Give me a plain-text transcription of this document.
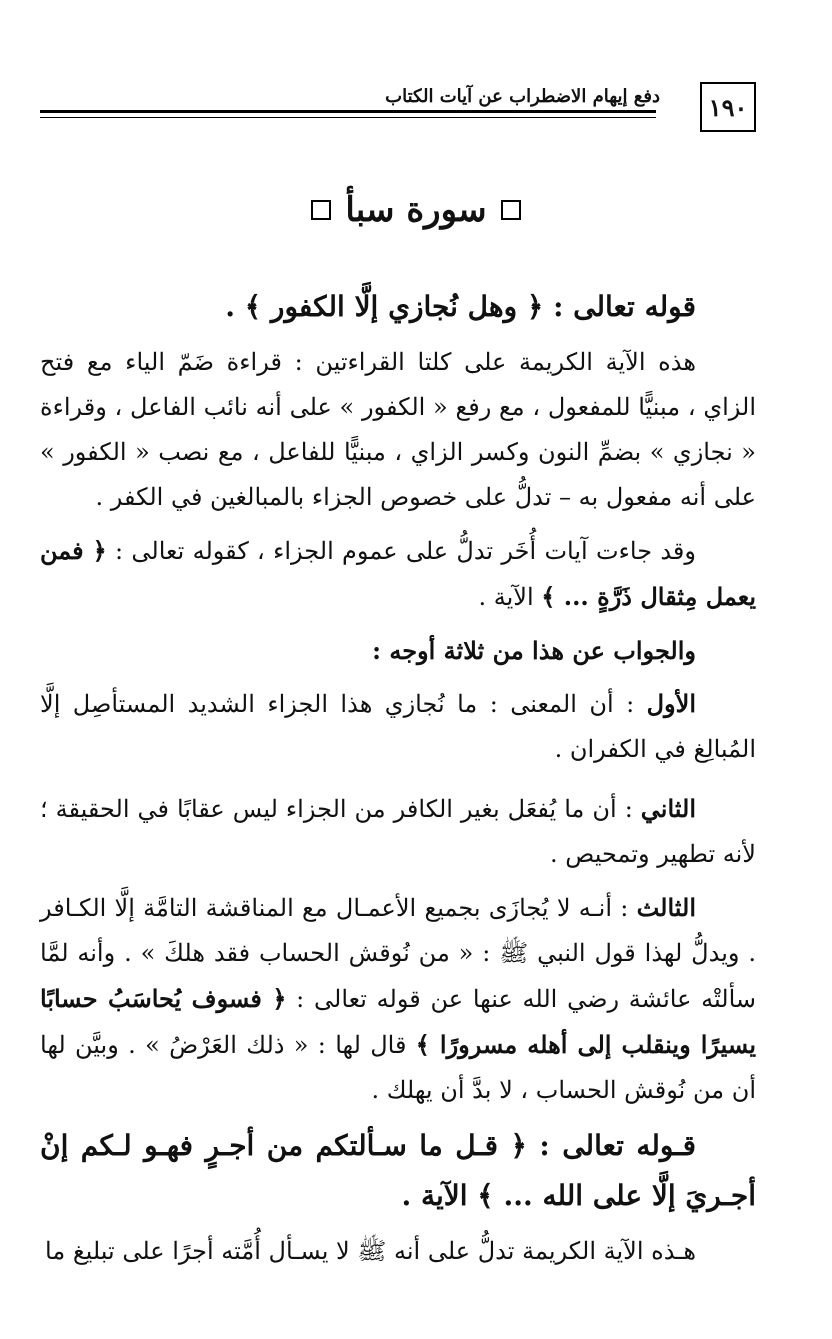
١٩٠
دفع إيهام الاضطراب عن آيات الكتاب
سورة سبأ

قوله تعالى : ﴿ وهل نُجازي إلَّا الكفور ﴾ .

هذه الآية الكريمة على كلتا القراءتين : قراءة ضَمّ الياء مع فتح الزاي ، مبنيًّا للمفعول ، مع رفع « الكفور » على أنه نائب الفاعل ، وقراءة « نجازي » بضمِّ النون وكسر الزاي ، مبنيًّا للفاعل ، مع نصب « الكفور » على أنه مفعول به – تدلُّ على خصوص الجزاء بالمبالغين في الكفر .

وقد جاءت آيات أُخَر تدلُّ على عموم الجزاء ، كقوله تعالى : ﴿ فمن يعمل مِثقال ذَرَّةٍ ... ﴾ الآية .

والجواب عن هذا من ثلاثة أوجه :

الأول : أن المعنى : ما نُجازي هذا الجزاء الشديد المستأصِل إلَّا المُبالِغ في الكفران .

الثاني : أن ما يُفعَل بغير الكافر من الجزاء ليس عقابًا في الحقيقة ؛ لأنه تطهير وتمحيص .

الثالث : أنـه لا يُجازَى بجميع الأعمـال مع المناقشة التامَّة إلَّا الكـافر . ويدلُّ لهذا قول النبي ﷺ : « من نُوقش الحساب فقد هلكَ » . وأنه لمَّا سألتْه عائشة رضي الله عنها عن قوله تعالى : ﴿ فسوف يُحاسَبُ حسابًا يسيرًا وينقلب إلى أهله مسرورًا ﴾ قال لها : « ذلك العَرْضُ » . وبيَّن لها أن من نُوقش الحساب ، لا بدَّ أن يهلك .

قـوله تعالى : ﴿ قـل ما سـألتكم من أجـرٍ فهـو لـكم إنْ أجـريَ إلَّا على الله ... ﴾ الآية .

هـذه الآية الكريمة تدلُّ على أنه ﷺ لا يسـأل أُمَّته أجرًا على تبليغ ما
